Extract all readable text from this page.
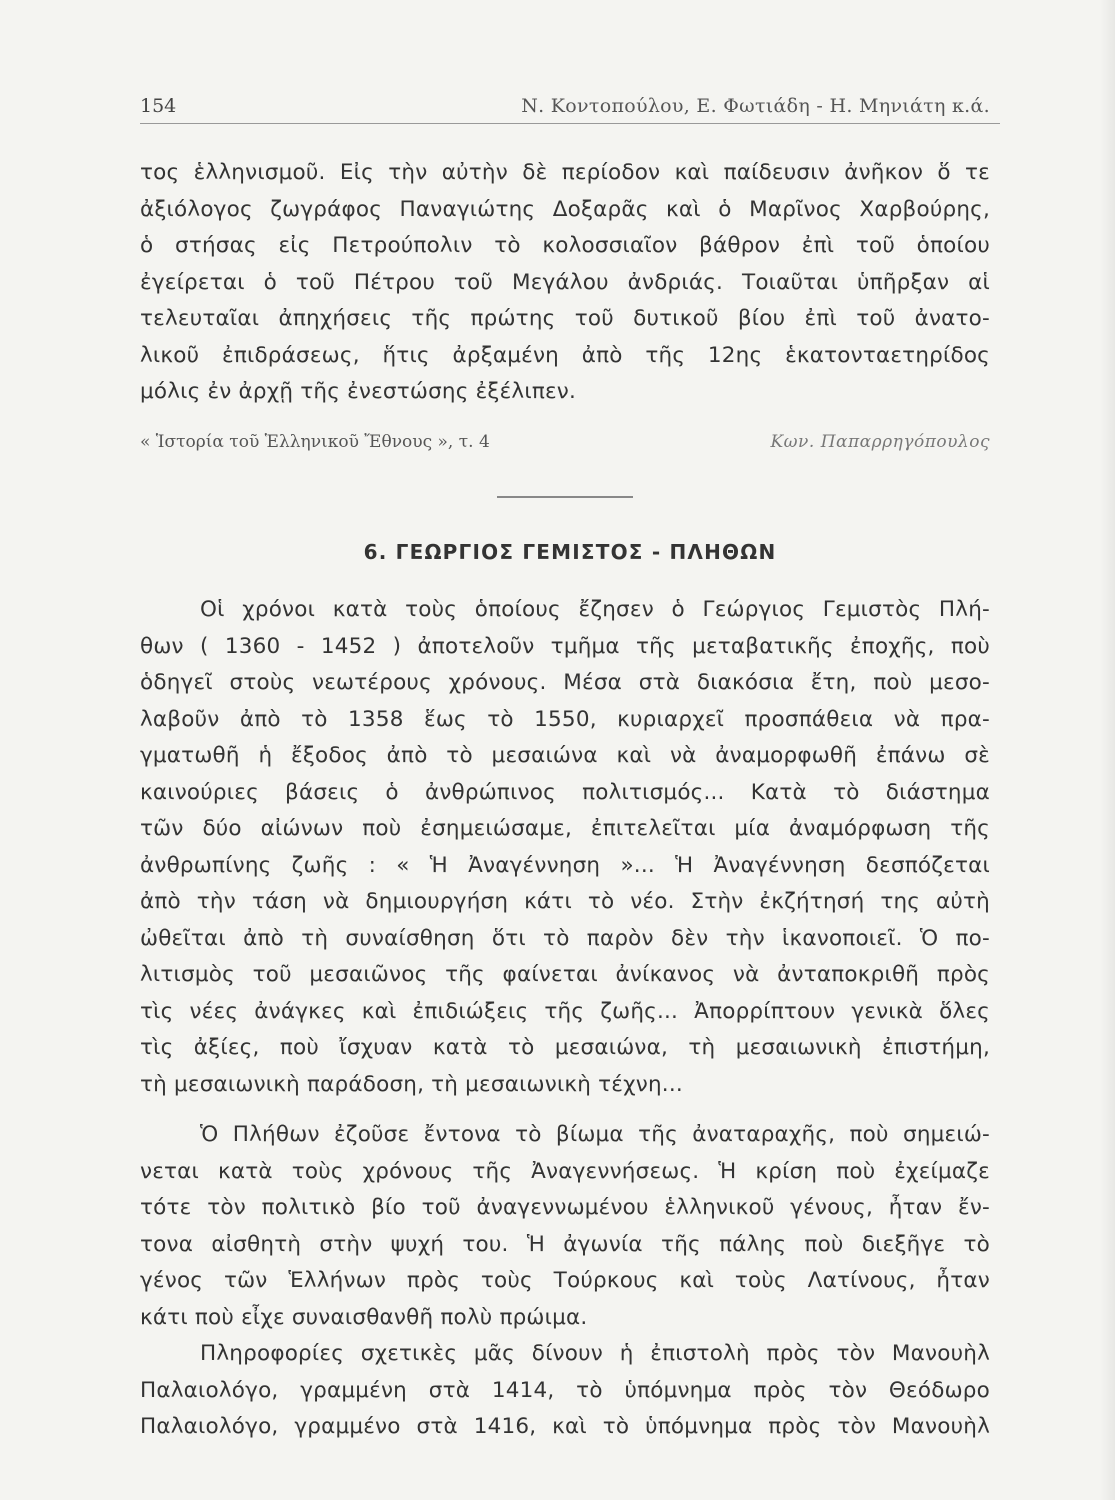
154	Ν. Κοντοπούλου, Ε. Φωτιάδη - Η. Μηνιάτη κ.ά.
τος ἑλληνισμοῦ. Εἰς τὴν αὐτὴν δὲ περίοδον καὶ παίδευσιν ἀνῆκον ὅ τε
ἀξιόλογος ζωγράφος Παναγιώτης Δοξαρᾶς καὶ ὁ Μαρῖνος Χαρβούρης,
ὁ στήσας εἰς Πετρούπολιν τὸ κολοσσιαῖον βάθρον ἐπὶ τοῦ ὁποίου
ἐγείρεται ὁ τοῦ Πέτρου τοῦ Μεγάλου ἀνδριάς. Τοιαῦται ὑπῆρξαν αἱ
τελευταῖαι ἀπηχήσεις τῆς πρώτης τοῦ δυτικοῦ βίου ἐπὶ τοῦ ἀνατο-
λικοῦ ἐπιδράσεως, ἥτις ἀρξαμένη ἀπὸ τῆς 12ης ἑκατονταετηρίδος
μόλις ἐν ἀρχῇ τῆς ἐνεστώσης ἐξέλιπεν.
« Ἱστορία τοῦ Ἑλληνικοῦ Ἔθνους », τ. 4	Κων. Παπαρρηγόπουλος
6. ΓΕΩΡΓΙΟΣ ΓΕΜΙΣΤΟΣ - ΠΛΗΘΩΝ
Οἱ χρόνοι κατὰ τοὺς ὁποίους ἔζησεν ὁ Γεώργιος Γεμιστὸς Πλή-
θων ( 1360 - 1452 ) ἀποτελοῦν τμῆμα τῆς μεταβατικῆς ἐποχῆς, ποὺ
ὁδηγεῖ στοὺς νεωτέρους χρόνους. Μέσα στὰ διακόσια ἔτη, ποὺ μεσο-
λαβοῦν ἀπὸ τὸ 1358 ἕως τὸ 1550, κυριαρχεῖ προσπάθεια νὰ πρα-
γματωθῆ ἡ ἔξοδος ἀπὸ τὸ μεσαιώνα καὶ νὰ ἀναμορφωθῆ ἐπάνω σὲ
καινούριες βάσεις ὁ ἀνθρώπινος πολιτισμός... Κατὰ τὸ διάστημα
τῶν δύο αἰώνων ποὺ ἐσημειώσαμε, ἐπιτελεῖται μία ἀναμόρφωση τῆς
ἀνθρωπίνης ζωῆς : « Ἡ Ἀναγέννηση »... Ἡ Ἀναγέννηση δεσπόζεται
ἀπὸ τὴν τάση νὰ δημιουργήση κάτι τὸ νέο. Στὴν ἐκζήτησή της αὐτὴ
ὠθεῖται ἀπὸ τὴ συναίσθηση ὅτι τὸ παρὸν δὲν τὴν ἱκανοποιεῖ. Ὁ πο-
λιτισμὸς τοῦ μεσαιῶνος τῆς φαίνεται ἀνίκανος νὰ ἀνταποκριθῆ πρὸς
τὶς νέες ἀνάγκες καὶ ἐπιδιώξεις τῆς ζωῆς... Ἀπορρίπτουν γενικὰ ὅλες
τὶς ἀξίες, ποὺ ἴσχυαν κατὰ τὸ μεσαιώνα, τὴ μεσαιωνικὴ ἐπιστήμη,
τὴ μεσαιωνικὴ παράδοση, τὴ μεσαιωνικὴ τέχνη...
Ὁ Πλήθων ἐζοῦσε ἔντονα τὸ βίωμα τῆς ἀναταραχῆς, ποὺ σημειώ-
νεται κατὰ τοὺς χρόνους τῆς Ἀναγεννήσεως. Ἡ κρίση ποὺ ἐχείμαζε
τότε τὸν πολιτικὸ βίο τοῦ ἀναγεννωμένου ἑλληνικοῦ γένους, ἦταν ἔν-
τονα αἰσθητὴ στὴν ψυχή του. Ἡ ἀγωνία τῆς πάλης ποὺ διεξῆγε τὸ
γένος τῶν Ἑλλήνων πρὸς τοὺς Τούρκους καὶ τοὺς Λατίνους, ἦταν
κάτι ποὺ εἶχε συναισθανθῆ πολὺ πρώιμα.
Πληροφορίες σχετικὲς μᾶς δίνουν ἡ ἐπιστολὴ πρὸς τὸν Μανουὴλ
Παλαιολόγο, γραμμένη στὰ 1414, τὸ ὑπόμνημα πρὸς τὸν Θεόδωρο
Παλαιολόγο, γραμμένο στὰ 1416, καὶ τὸ ὑπόμνημα πρὸς τὸν Μανουὴλ
